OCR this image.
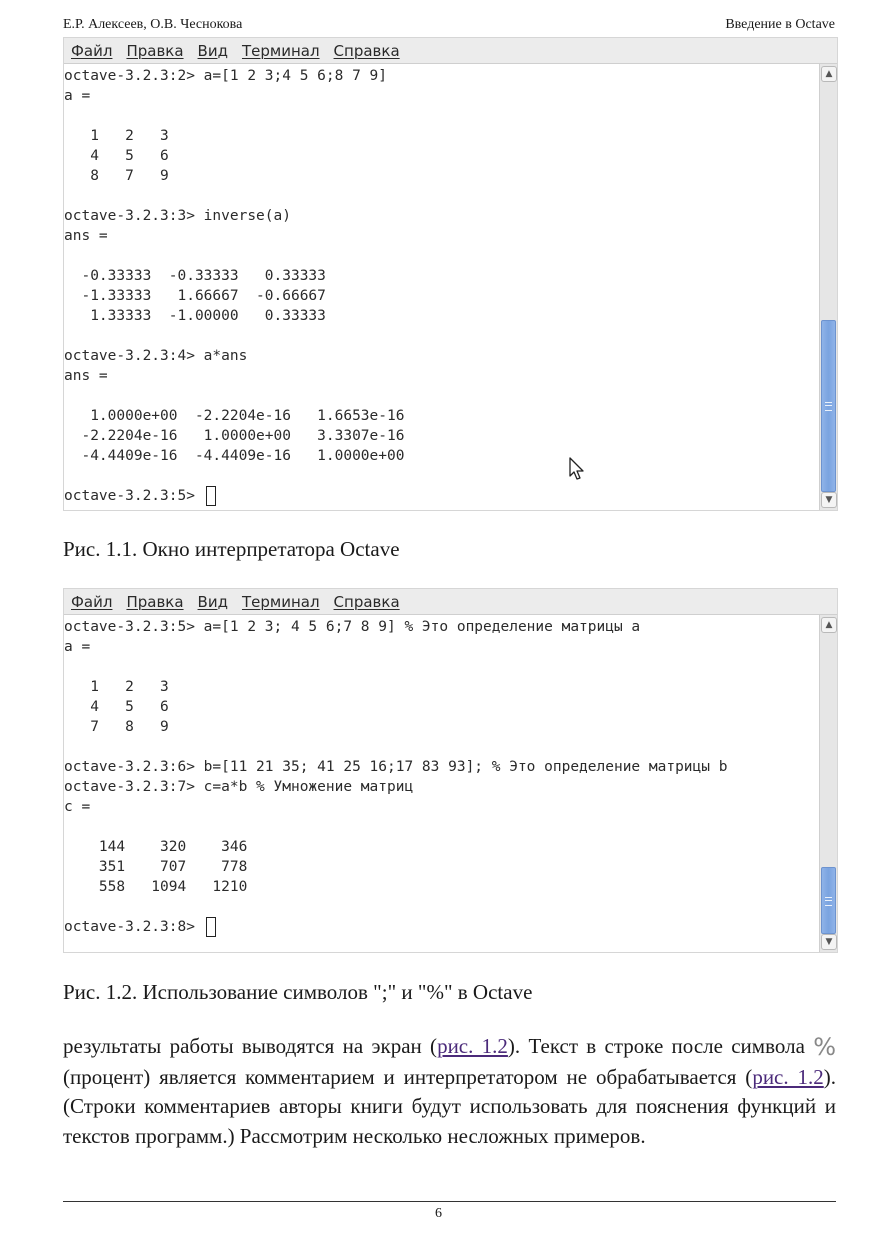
Е.Р. Алексеев, О.В. Чеснокова	Введение в Octave
Файл Правка Вид Терминал Справка
octave-3.2.3:2> a=[1 2 3;4 5 6;8 7 9]
a =
1   2   3
4   5   6
8   7   9
octave-3.2.3:3> inverse(a)
ans =
-0.33333  -0.33333   0.33333
-1.33333   1.66667  -0.66667
1.33333  -1.00000   0.33333
octave-3.2.3:4> a*ans
ans =
1.0000e+00  -2.2204e-16   1.6653e-16
-2.2204e-16   1.0000e+00   3.3307e-16
-4.4409e-16  -4.4409e-16   1.0000e+00
octave-3.2.3:5>
▲
▼
Рис. 1.1. Окно интерпретатора Octave
Файл Правка Вид Терминал Справка
octave-3.2.3:5> a=[1 2 3; 4 5 6;7 8 9] % Это определение матрицы a
a =
1   2   3
4   5   6
7   8   9
octave-3.2.3:6> b=[11 21 35; 41 25 16;17 83 93]; % Это определение матрицы b
octave-3.2.3:7> c=a*b % Умножение матриц
c =
144    320    346
351    707    778
558   1094   1210
octave-3.2.3:8>
▲
▼
Рис. 1.2. Использование символов ";" и "%" в Octave
результаты работы выводятся на экран (рис. 1.2). Текст в строке после символа %(процент) является комментарием и интерпретатором не обрабатывается (рис. 1.2). (Строки комментариев авторы книги будут использовать для пояснения функций и текстов программ.) Рассмотрим несколько несложных примеров.
6
